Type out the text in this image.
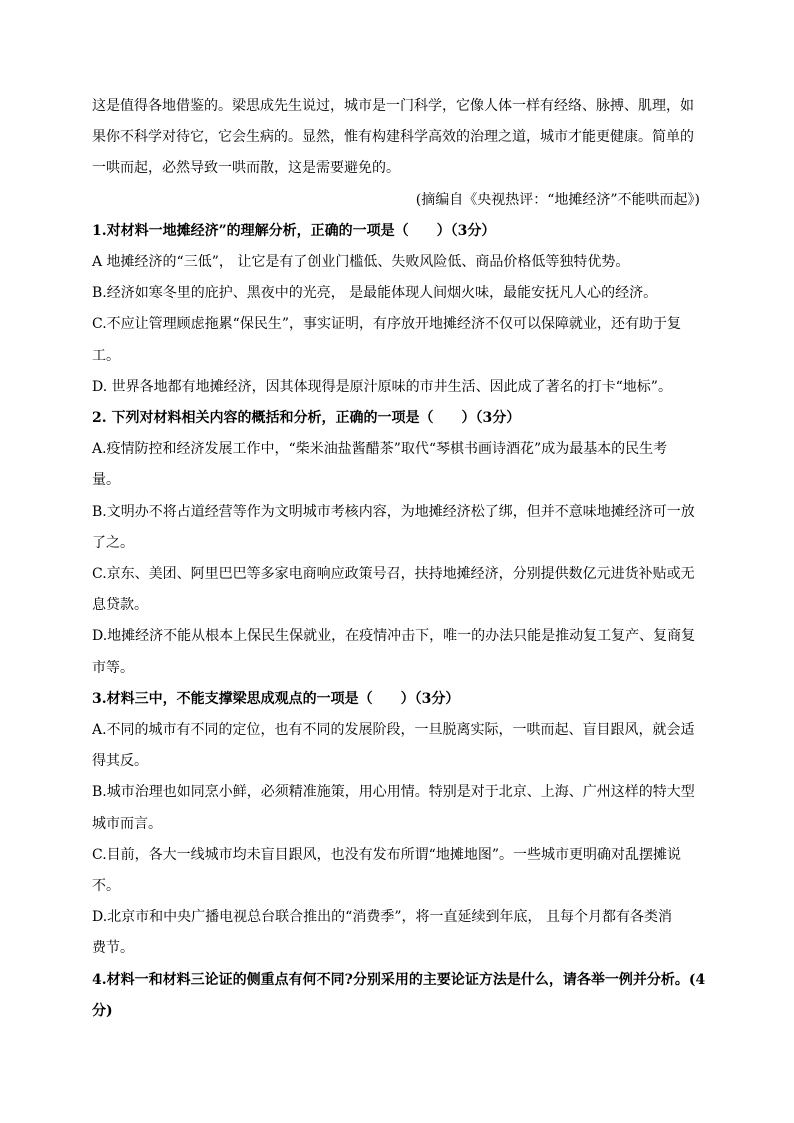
这是值得各地借鉴的。梁思成先生说过，城市是一门科学，它像人体一样有经络、脉搏、肌理，如

果你不科学对待它，它会生病的。显然，惟有构建科学高效的治理之道，城市才能更健康。简单的

一哄而起，必然导致一哄而散，这是需要避免的。

(摘编自《央视热评：“地摊经济”不能哄而起》)

1.对材料一地摊经济”的理解分析，正确的一项是（　　）（3分）

A 地摊经济的“三低”， 让它是有了创业门槛低、失败风险低、商品价格低等独特优势。

B.经济如寒冬里的庇护、黑夜中的光亮， 是最能体现人间烟火味，最能安抚凡人心的经济。

C.不应让管理顾虑拖累“保民生”，事实证明，有序放开地摊经济不仅可以保障就业，还有助于复

工。

D. 世界各地都有地摊经济，因其体现得是原汁原味的市井生活、因此成了著名的打卡“地标”。

2. 下列对材料相关内容的概括和分析，正确的一项是（　　）（3分）

A.疫情防控和经济发展工作中，“柴米油盐酱醋茶”取代“琴棋书画诗酒花”成为最基本的民生考

量。

B.文明办不将占道经营等作为文明城市考核内容，为地摊经济松了绑，但并不意味地摊经济可一放

了之。

C.京东、美团、阿里巴巴等多家电商响应政策号召，扶持地摊经济，分别提供数亿元进货补贴或无

息贷款。

D.地摊经济不能从根本上保民生保就业，在疫情冲击下，唯一的办法只能是推动复工复产、复商复

市等。

3.材料三中，不能支撑梁思成观点的一项是（　　）（3分）

A.不同的城市有不同的定位，也有不同的发展阶段，一旦脱离实际，一哄而起、盲目跟风，就会适

得其反。

B.城市治理也如同烹小鲜，必须精准施策，用心用情。特别是对于北京、上海、广州这样的特大型

城市而言。

C.目前，各大一线城市均未盲目跟风，也没有发布所谓“地摊地图”。一些城市更明确对乱摆摊说

不。

D.北京市和中央广播电视总台联合推出的“消费季”，将一直延续到年底， 且每个月都有各类消

费节。

4.材料一和材料三论证的侧重点有何不同?分别采用的主要论证方法是什么，请各举一例并分析。(4

分)
